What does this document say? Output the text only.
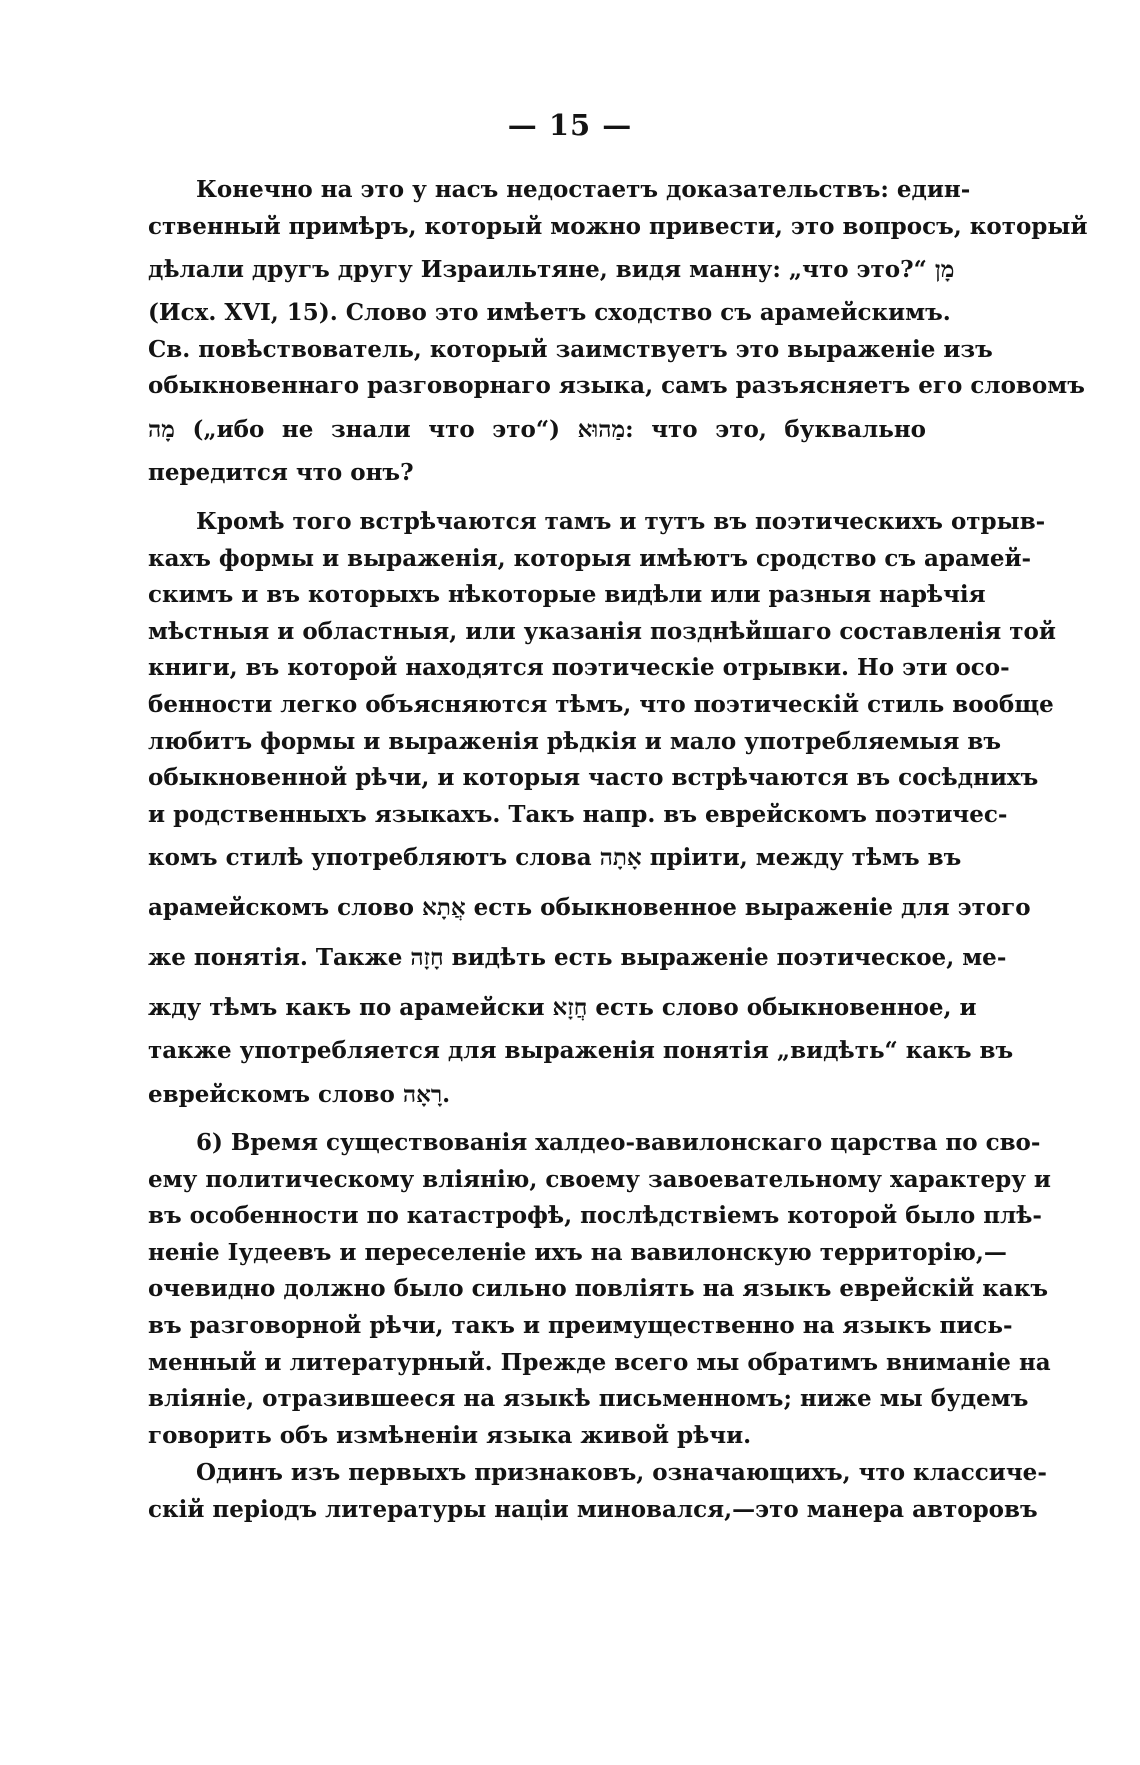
— 15 —
Конечно на это у насъ недостаетъ доказательствъ: един-
ственный примѣръ, который можно привести, это вопросъ, который
дѣлали другъ другу Израильтяне, видя манну: „что это?“ מָן
(Исх. XVI, 15). Слово это имѣетъ сходство съ арамейскимъ.
Св. повѣствователь, который заимствуетъ это выраженіе изъ
обыкновеннаго разговорнаго языка, самъ разъясняетъ его словомъ
מָה („ибо не знали что это“) מַהוּא: что это, буквально
передится что онъ?
Кромѣ того встрѣчаются тамъ и тутъ въ поэтическихъ отрыв-
кахъ формы и выраженія, которыя имѣютъ сродство съ арамей-
скимъ и въ которыхъ нѣкоторые видѣли или разныя нарѣчія
мѣстныя и областныя, или указанія позднѣйшаго составленія той
книги, въ которой находятся поэтическіе отрывки. Но эти осо-
бенности легко объясняются тѣмъ, что поэтическій стиль вообще
любитъ формы и выраженія рѣдкія и мало употребляемыя въ
обыкновенной рѣчи, и которыя часто встрѣчаются въ сосѣднихъ
и родственныхъ языкахъ. Такъ напр. въ еврейскомъ поэтичес-
комъ стилѣ употребляютъ слова אָתָה пріити, между тѣмъ въ
арамейскомъ слово אֲתָא есть обыкновенное выраженіе для этого
же понятія. Также חָזָה видѣть есть выраженіе поэтическое, ме-
жду тѣмъ какъ по арамейски חֲזָא есть слово обыкновенное, и
также употребляется для выраженія понятія „видѣть“ какъ въ
еврейскомъ слово רָאָה.
6) Время существованія халдео-вавилонскаго царства по сво-
ему политическому вліянію, своему завоевательному характеру и
въ особенности по катастрофѣ, послѣдствіемъ которой было плѣ-
неніе Іудеевъ и переселеніе ихъ на вавилонскую территорію,—
очевидно должно было сильно повліять на языкъ еврейскій какъ
въ разговорной рѣчи, такъ и преимущественно на языкъ пись-
менный и литературный. Прежде всего мы обратимъ вниманіе на
вліяніе, отразившееся на языкѣ письменномъ; ниже мы будемъ
говорить объ измѣненіи языка живой рѣчи.
Одинъ изъ первыхъ признаковъ, означающихъ, что классиче-
скій періодъ литературы націи миновался,—это манера авторовъ
